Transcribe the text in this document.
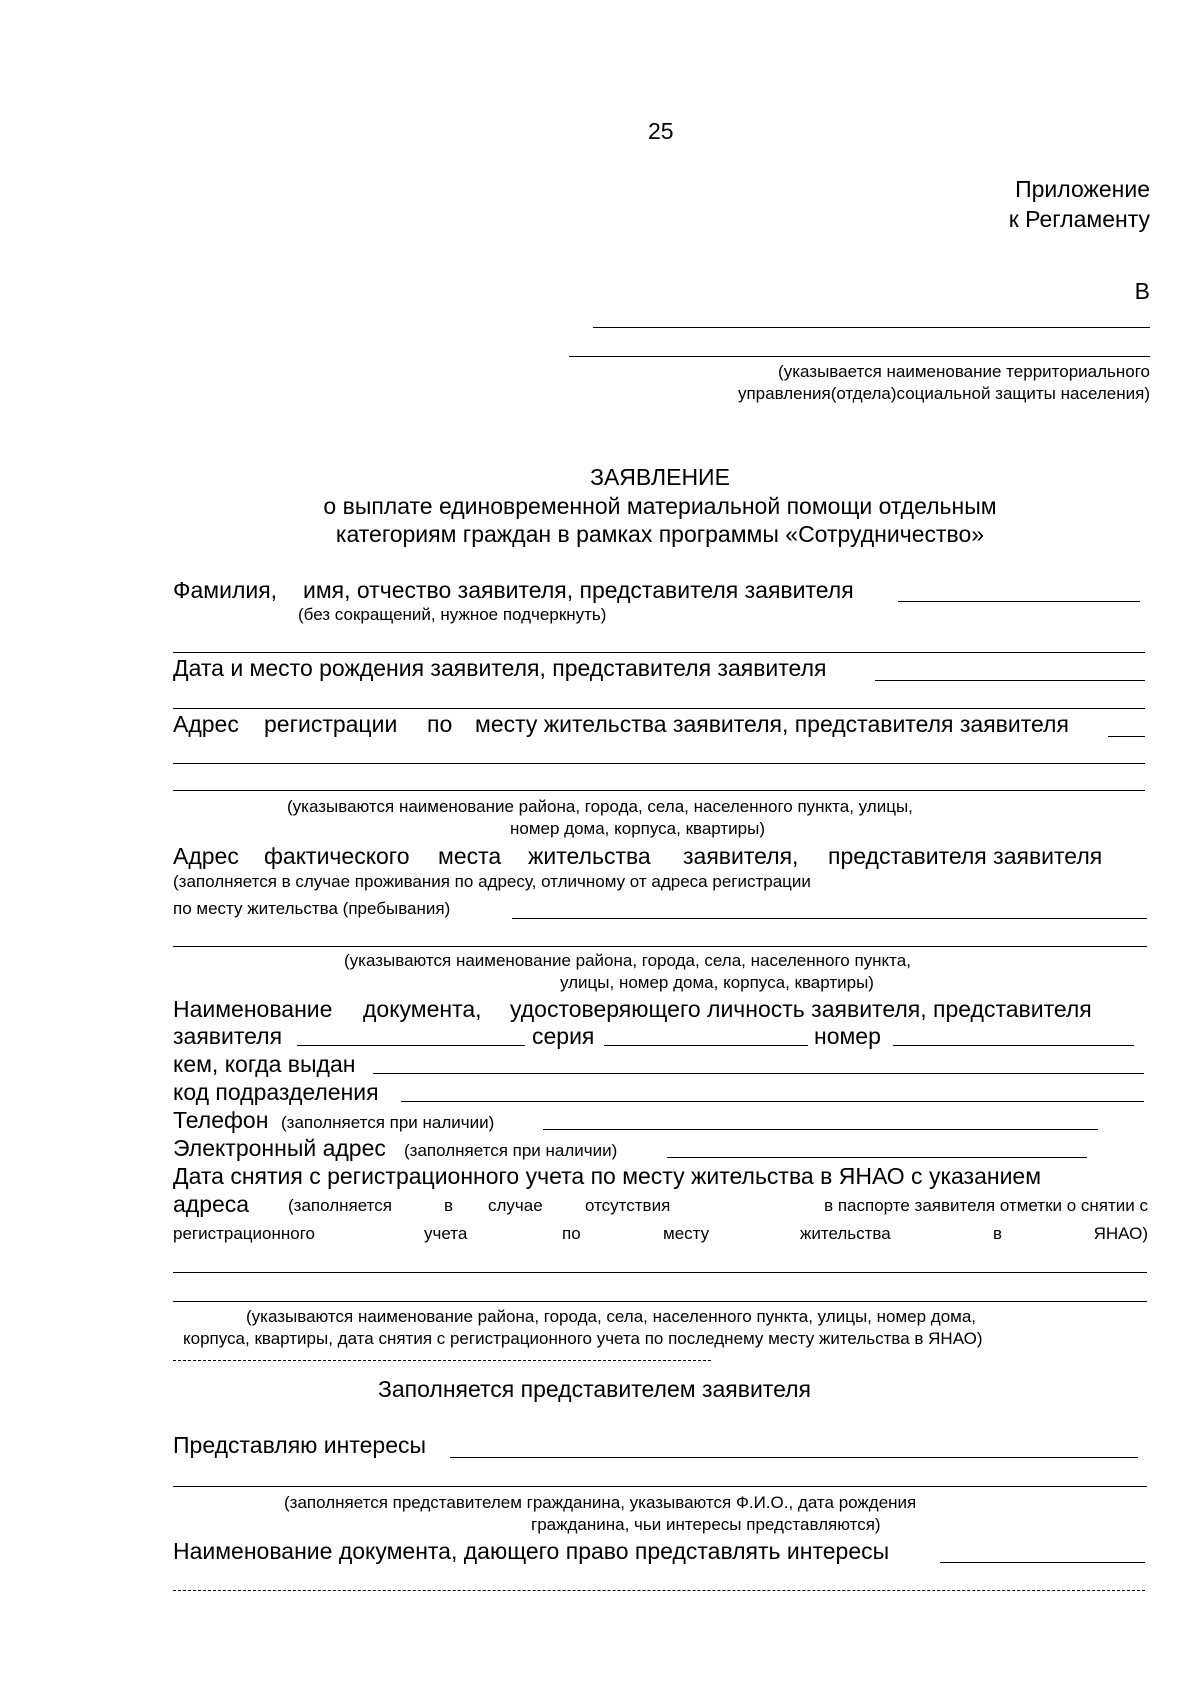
25
Приложение
к Регламенту
В
(указывается наименование территориального
управления(отдела)социальной защиты населения)
ЗАЯВЛЕНИЕ
о выплате единовременной материальной помощи отдельным
категориям граждан в рамках программы «Сотрудничество»
Фамилия, имя, отчество заявителя, представителя заявителя
(без сокращений, нужное подчеркнуть)
Дата и место рождения заявителя, представителя заявителя
Адрес регистрации по месту жительства заявителя, представителя заявителя
(указываются наименование района, города, села, населенного пункта, улицы,
номер дома, корпуса, квартиры)
Адрес фактического места жительства заявителя, представителя заявителя
(заполняется в случае проживания по адресу, отличному от адреса регистрации
по месту жительства (пребывания)
(указываются наименование района, города, села, населенного пункта,
улицы, номер дома, корпуса, квартиры)
Наименование документа, удостоверяющего личность заявителя, представителя
заявителя	серия	номер
кем, когда выдан
код подразделения
Телефон (заполняется при наличии)
Электронный адрес (заполняется при наличии)
Дата снятия с регистрационного учета по месту жительства в ЯНАО с указанием
адреса (заполняется	в случае отсутствия	в паспорте заявителя отметки о снятии с
регистрационного	учета	по	месту	жительства	в	ЯНАО)
(указываются наименование района, города, села, населенного пункта, улицы, номер дома,
корпуса, квартиры, дата снятия с регистрационного учета по последнему месту жительства в ЯНАО)
Заполняется представителем заявителя
Представляю интересы
(заполняется представителем гражданина, указываются Ф.И.О., дата рождения
гражданина, чьи интересы представляются)
Наименование документа, дающего право представлять интересы
